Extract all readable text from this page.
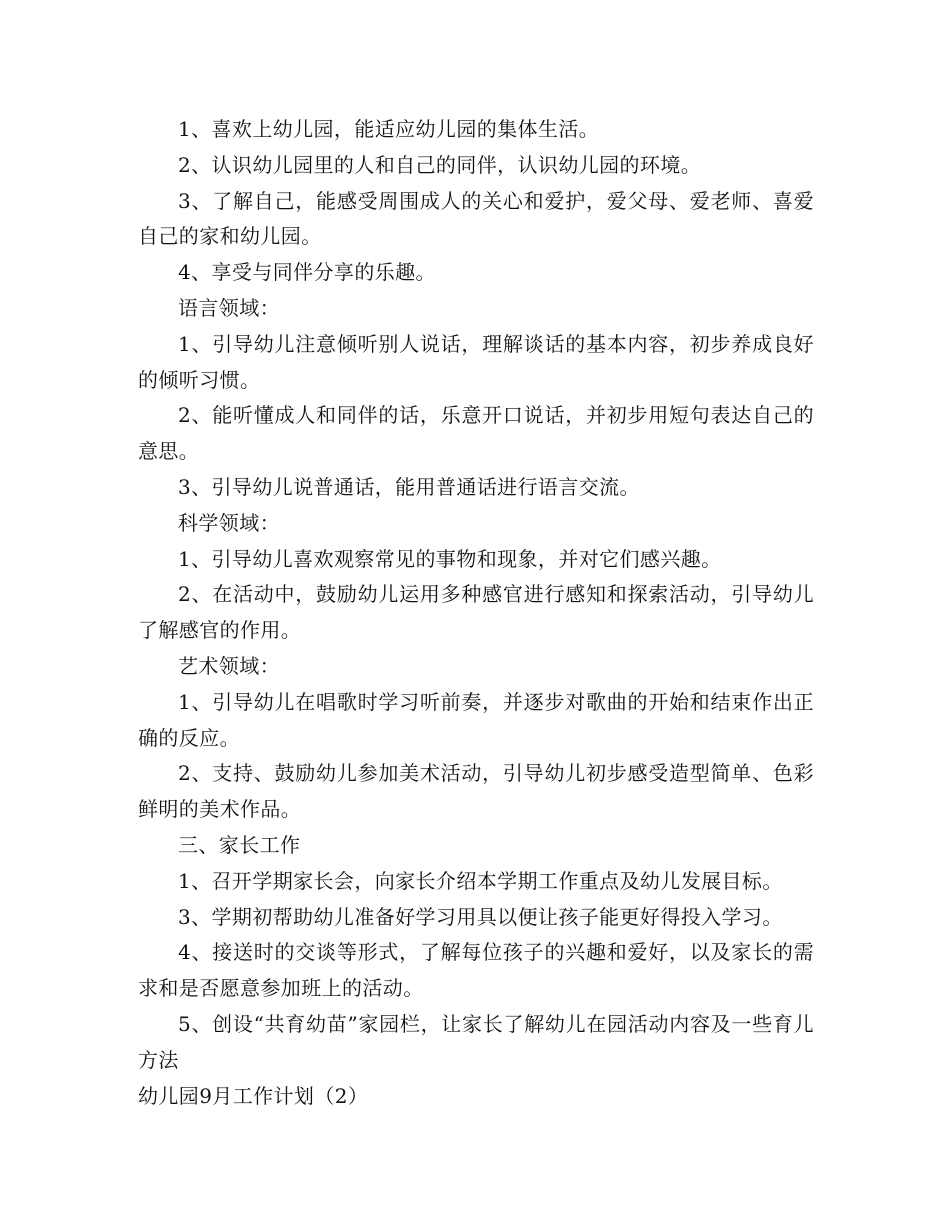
1、喜欢上幼儿园，能适应幼儿园的集体生活。

2、认识幼儿园里的人和自己的同伴，认识幼儿园的环境。

3、了解自己，能感受周围成人的关心和爱护，爱父母、爱老师、喜爱自己的家和幼儿园。

4、享受与同伴分享的乐趣。

语言领域：

1、引导幼儿注意倾听别人说话，理解谈话的基本内容，初步养成良好的倾听习惯。

2、能听懂成人和同伴的话，乐意开口说话，并初步用短句表达自己的意思。

3、引导幼儿说普通话，能用普通话进行语言交流。

科学领域：

1、引导幼儿喜欢观察常见的事物和现象，并对它们感兴趣。

2、在活动中，鼓励幼儿运用多种感官进行感知和探索活动，引导幼儿了解感官的作用。

艺术领域：

1、引导幼儿在唱歌时学习听前奏，并逐步对歌曲的开始和结束作出正确的反应。

2、支持、鼓励幼儿参加美术活动，引导幼儿初步感受造型简单、色彩鲜明的美术作品。

三、家长工作

1、召开学期家长会，向家长介绍本学期工作重点及幼儿发展目标。

3、学期初帮助幼儿准备好学习用具以便让孩子能更好得投入学习。

4、接送时的交谈等形式，了解每位孩子的兴趣和爱好，以及家长的需求和是否愿意参加班上的活动。

5、创设“共育幼苗”家园栏，让家长了解幼儿在园活动内容及一些育儿方法

幼儿园9月工作计划（2）
